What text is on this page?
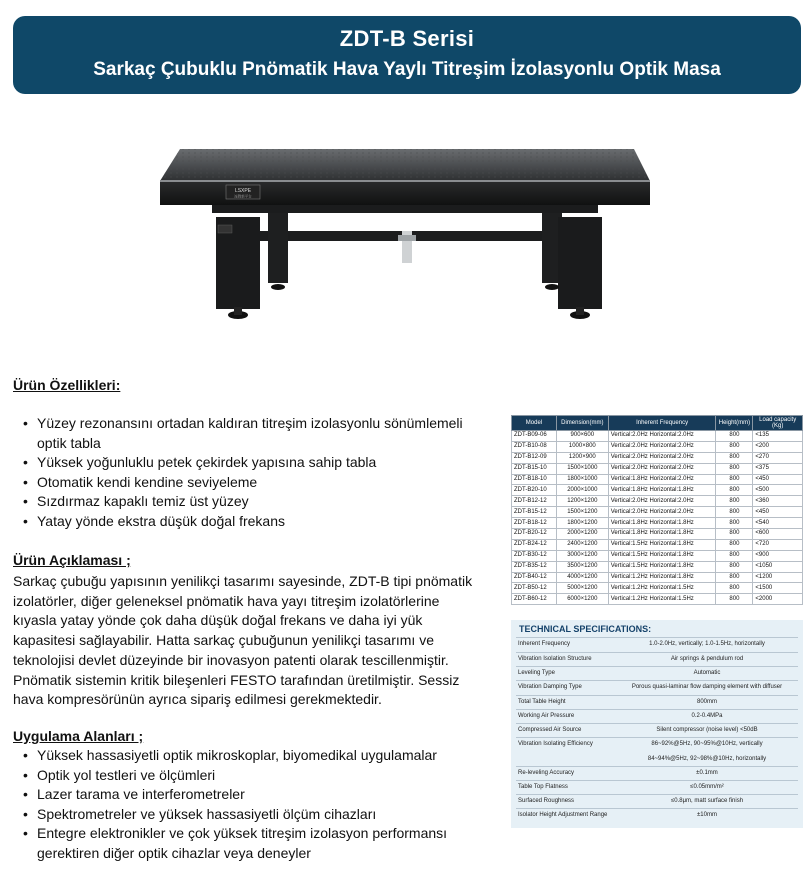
ZDT-B Serisi
Sarkaç Çubuklu Pnömatik Hava Yaylı Titreşim İzolasyonlu Optik Masa
LSXPE
连胜新平台
Ürün Özellikleri:
• Yüzey rezonansını ortadan kaldıran titreşim izolasyonlu sönümlemeli
optik tabla
• Yüksek yoğunluklu petek çekirdek yapısına sahip tabla
• Otomatik kendi kendine seviyeleme
• Sızdırmaz kapaklı temiz üst yüzey
• Yatay yönde ekstra düşük doğal frekans
Ürün Açıklaması ;
Sarkaç çubuğu yapısının yenilikçi tasarımı sayesinde, ZDT-B tipi pnömatik
izolatörler, diğer geleneksel pnömatik hava yayı titreşim izolatörlerine
kıyasla yatay yönde çok daha düşük doğal frekans ve daha iyi yük
kapasitesi sağlayabilir. Hatta sarkaç çubuğunun yenilikçi tasarımı ve
teknolojisi devlet düzeyinde bir inovasyon patenti olarak tescillenmiştir.
Pnömatik sistemin kritik bileşenleri FESTO tarafından üretilmiştir. Sessiz
hava kompresörünün ayrıca sipariş edilmesi gerekmektedir.
Uygulama Alanları ;
• Yüksek hassasiyetli optik mikroskoplar, biyomedikal uygulamalar
• Optik yol testleri ve ölçümleri
• Lazer tarama ve interferometreler
• Spektrometreler ve yüksek hassasiyetli ölçüm cihazları
• Entegre elektronikler ve çok yüksek titreşim izolasyon performansı
gerektiren diğer optik cihazlar veya deneyler
Model	Dimension(mm)	Inherent Frequency	Height(mm)	Load capacity (Kg)
ZDT-B09-06	900×600	Vertical:2.0Hz Horizontal:2.0Hz	800	<135
ZDT-B10-08	1000×800	Vertical:2.0Hz Horizontal:2.0Hz	800	<200
ZDT-B12-09	1200×900	Vertical:2.0Hz Horizontal:2.0Hz	800	<270
ZDT-B15-10	1500×1000	Vertical:2.0Hz Horizontal:2.0Hz	800	<375
ZDT-B18-10	1800×1000	Vertical:1.8Hz Horizontal:2.0Hz	800	<450
ZDT-B20-10	2000×1000	Vertical:1.8Hz Horizontal:1.8Hz	800	<500
ZDT-B12-12	1200×1200	Vertical:2.0Hz Horizontal:2.0Hz	800	<360
ZDT-B15-12	1500×1200	Vertical:2.0Hz Horizontal:2.0Hz	800	<450
ZDT-B18-12	1800×1200	Vertical:1.8Hz Horizontal:1.8Hz	800	<540
ZDT-B20-12	2000×1200	Vertical:1.8Hz Horizontal:1.8Hz	800	<600
ZDT-B24-12	2400×1200	Vertical:1.5Hz Horizontal:1.8Hz	800	<720
ZDT-B30-12	3000×1200	Vertical:1.5Hz Horizontal:1.8Hz	800	<900
ZDT-B35-12	3500×1200	Vertical:1.5Hz Horizontal:1.8Hz	800	<1050
ZDT-B40-12	4000×1200	Vertical:1.2Hz Horizontal:1.8Hz	800	<1200
ZDT-B50-12	5000×1200	Vertical:1.2Hz Horizontal:1.5Hz	800	<1500
ZDT-B60-12	6000×1200	Vertical:1.2Hz Horizontal:1.5Hz	800	<2000
TECHNICAL SPECIFICATIONS:
Inherent Frequency	1.0-2.0Hz, vertically; 1.0-1.5Hz, horizontally
Vibration Isolation Structure	Air springs & pendulum rod
Leveling Type	Automatic
Vibration Damping Type	Porous quasi-laminar flow damping element with diffuser
Total Table Height	800mm
Working Air Pressure	0.2-0.4MPa
Compressed Air Source	Silent compressor (noise level) <50dB
Vibration Isolating Efficiency	86~92%@5Hz, 90~95%@10Hz, vertically
84~94%@5Hz, 92~98%@10Hz, horizontally
Re-leveling Accuracy	±0.1mm
Table Top Flatness	≤0.05mm/m²
Surfaced Roughness	≤0.8μm, matt surface finish
Isolator Height Adjustment Range	±10mm
